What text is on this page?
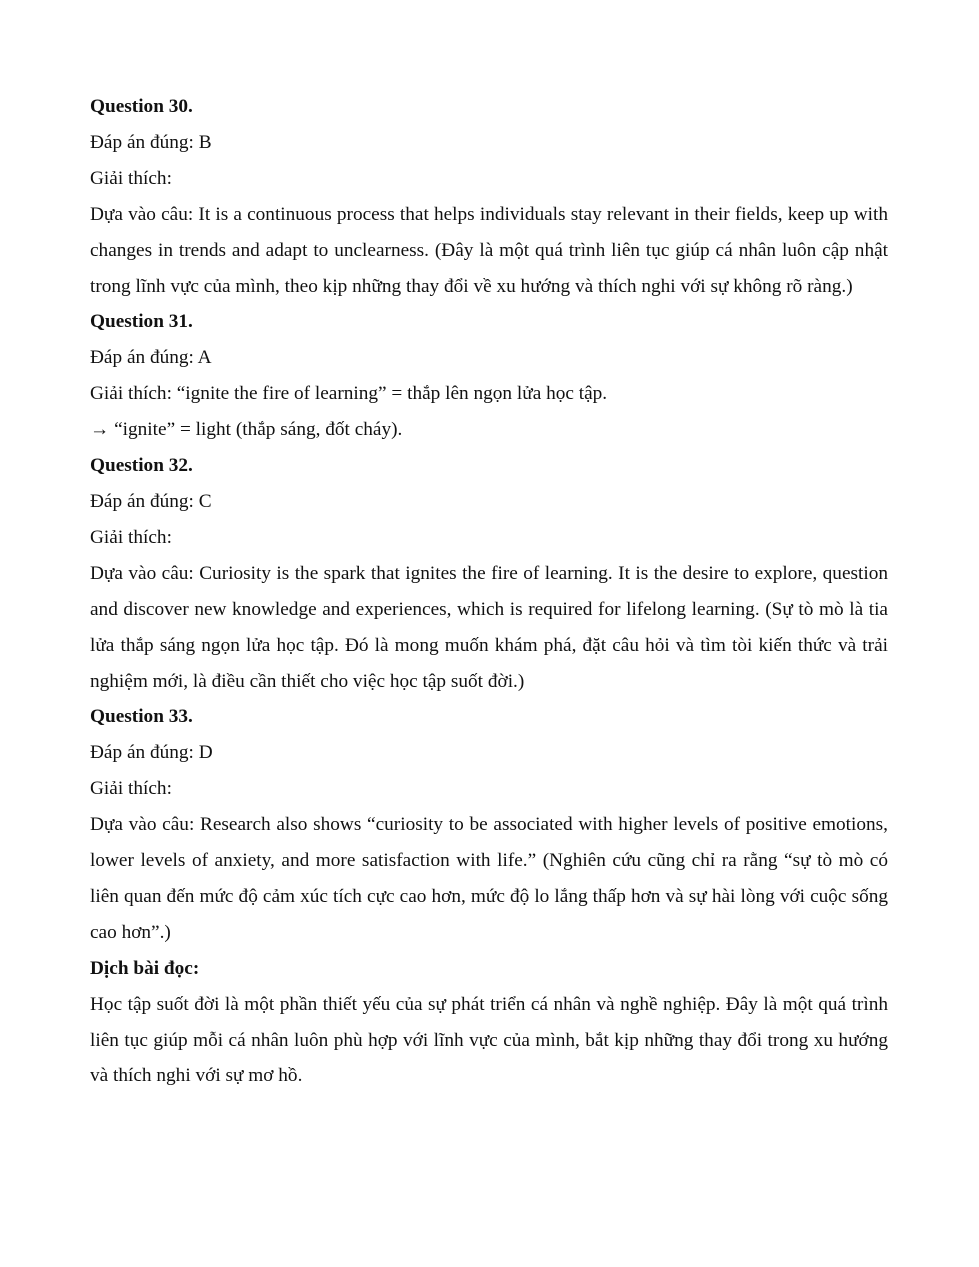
Question 30.
Đáp án đúng: B
Giải thích:
Dựa vào câu: It is a continuous process that helps individuals stay relevant in their fields, keep up with changes in trends and adapt to unclearness. (Đây là một quá trình liên tục giúp cá nhân luôn cập nhật trong lĩnh vực của mình, theo kịp những thay đổi về xu hướng và thích nghi với sự không rõ ràng.)
Question 31.
Đáp án đúng: A
Giải thích: “ignite the fire of learning” = thắp lên ngọn lửa học tập.
→ “ignite” = light (thắp sáng, đốt cháy).
Question 32.
Đáp án đúng: C
Giải thích:
Dựa vào câu: Curiosity is the spark that ignites the fire of learning. It is the desire to explore, question and discover new knowledge and experiences, which is required for lifelong learning. (Sự tò mò là tia lửa thắp sáng ngọn lửa học tập. Đó là mong muốn khám phá, đặt câu hỏi và tìm tòi kiến thức và trải nghiệm mới, là điều cần thiết cho việc học tập suốt đời.)
Question 33.
Đáp án đúng: D
Giải thích:
Dựa vào câu: Research also shows “curiosity to be associated with higher levels of positive emotions, lower levels of anxiety, and more satisfaction with life.” (Nghiên cứu cũng chỉ ra rằng “sự tò mò có liên quan đến mức độ cảm xúc tích cực cao hơn, mức độ lo lắng thấp hơn và sự hài lòng với cuộc sống cao hơn”.)
Dịch bài đọc:
Học tập suốt đời là một phần thiết yếu của sự phát triển cá nhân và nghề nghiệp. Đây là một quá trình liên tục giúp mỗi cá nhân luôn phù hợp với lĩnh vực của mình, bắt kịp những thay đổi trong xu hướng và thích nghi với sự mơ hồ.
